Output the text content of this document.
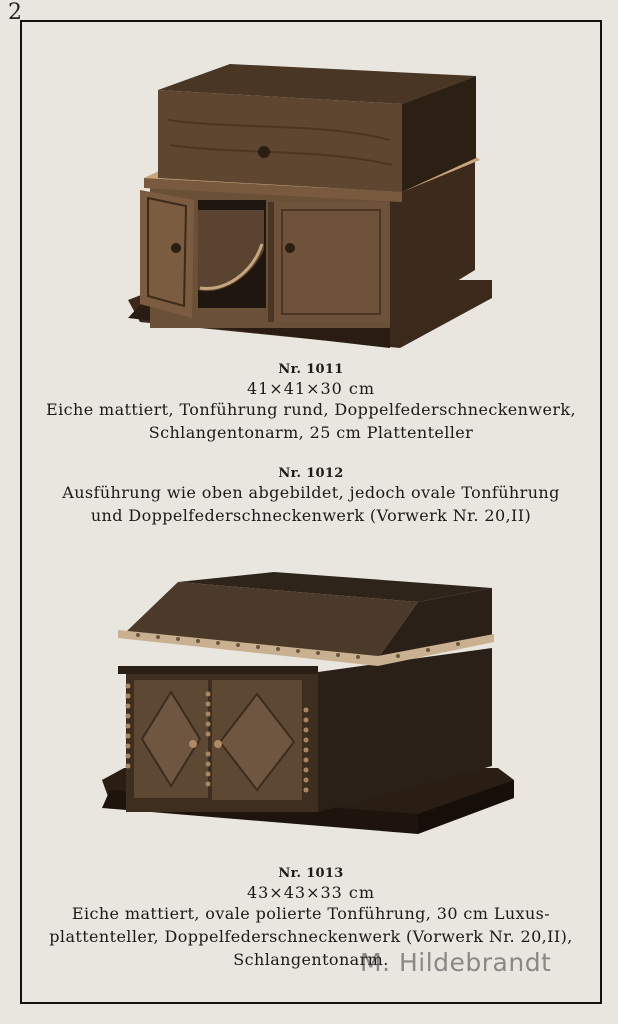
2

Nr. 1011

41×41×30 cm

Eiche mattiert, Tonführung rund, Doppelfederschneckenwerk,

Schlangentonarm, 25 cm Plattenteller

Nr. 1012

Ausführung wie oben abgebildet, jedoch ovale Tonführung

und Doppelfederschneckenwerk (Vorwerk Nr. 20,II)

Nr. 1013

43×43×33 cm

Eiche mattiert, ovale polierte Tonführung, 30 cm Luxus-

plattenteller, Doppelfederschneckenwerk (Vorwerk Nr. 20,II),

Schlangentonarm.

M. Hildebrandt
